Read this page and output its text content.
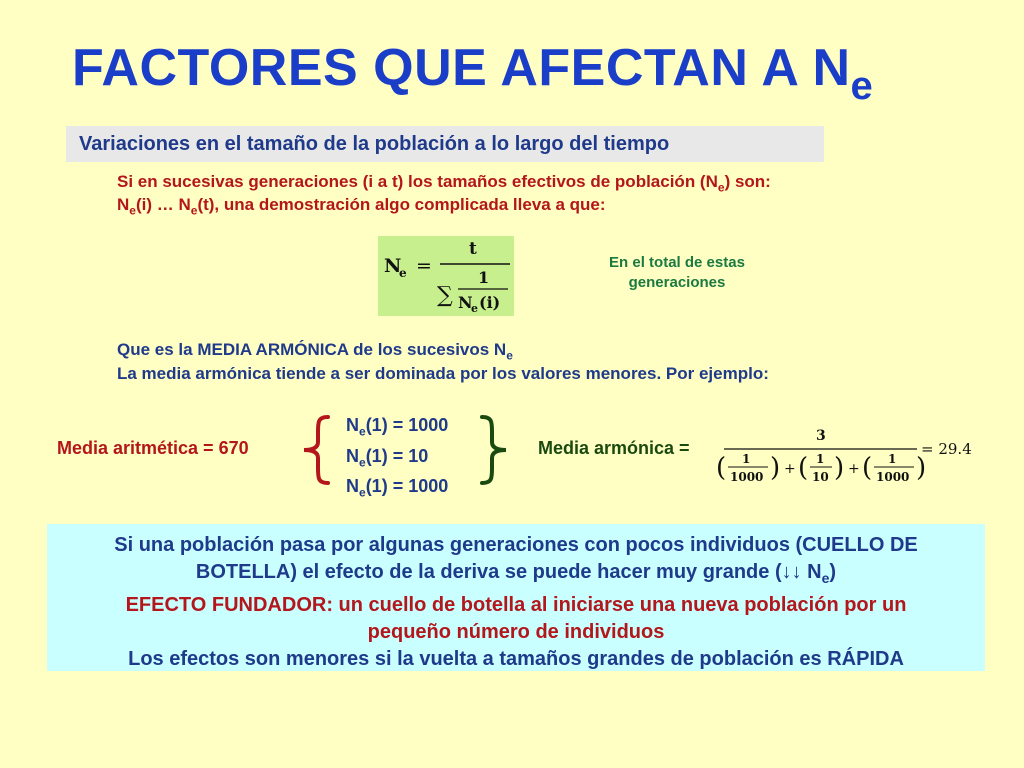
FACTORES QUE AFECTAN A $N_e$
Variaciones en el tamaño de la población a lo largo del tiempo
Si en sucesivas generaciones (i a t) los tamaños efectivos de población $(N_e)$ son:
$N_e(i)$ … $N_e(t)$, una demostración algo complicada lleva a que:
N
e =
t
∑
1
N
e (i)
En el total de estas generaciones
Que es la MEDIA ARMÓNICA de los sucesivos $N_e$
La media armónica tiende a ser dominada por los valores menores. Por ejemplo:
Media aritmética = 670
$N_e(1) = 1000$
$N_e(1) = 10$
$N_e(1) = 1000$
Media armónica =
3
( 1
1000 ) + ( 1
10 ) + ( 1
1000 )
= 29.4
Si una población pasa por algunas generaciones con pocos individuos (CUELLO DE
BOTELLA) el efecto de la deriva se puede hacer muy grande (↓↓ $N_e$)
EFECTO FUNDADOR: un cuello de botella al iniciarse una nueva población por un
pequeño número de individuos
Los efectos son menores si la vuelta a tamaños grandes de población es RÁPIDA
